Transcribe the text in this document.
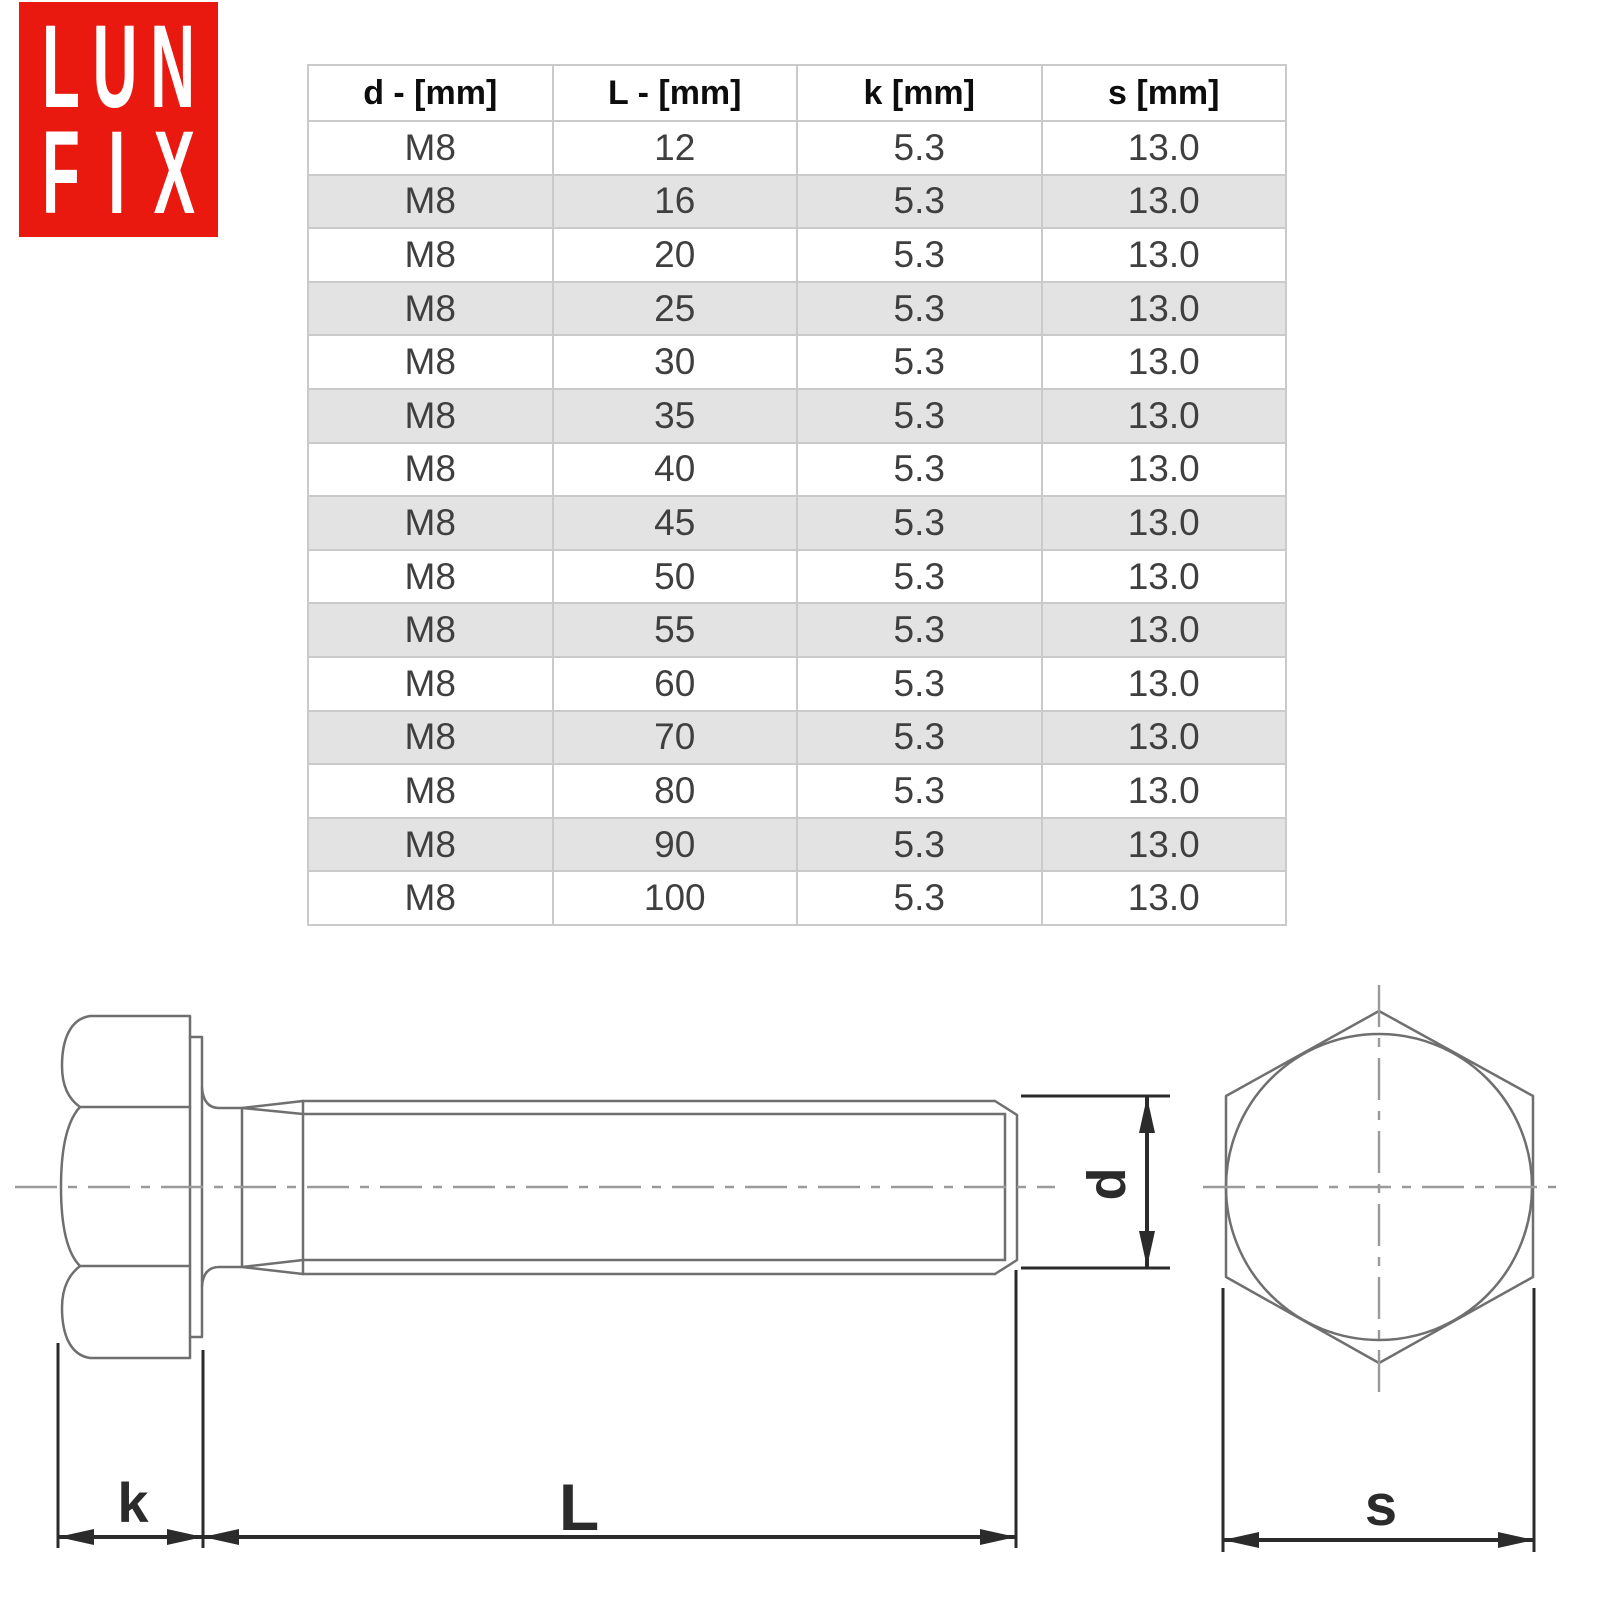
LUN
FIX
d - [mm]	L - [mm]	k [mm]	s [mm]
M8	12	5.3	13.0
M8	16	5.3	13.0
M8	20	5.3	13.0
M8	25	5.3	13.0
M8	30	5.3	13.0
M8	35	5.3	13.0
M8	40	5.3	13.0
M8	45	5.3	13.0
M8	50	5.3	13.0
M8	55	5.3	13.0
M8	60	5.3	13.0
M8	70	5.3	13.0
M8	80	5.3	13.0
M8	90	5.3	13.0
M8	100	5.3	13.0
k	L
d
s
